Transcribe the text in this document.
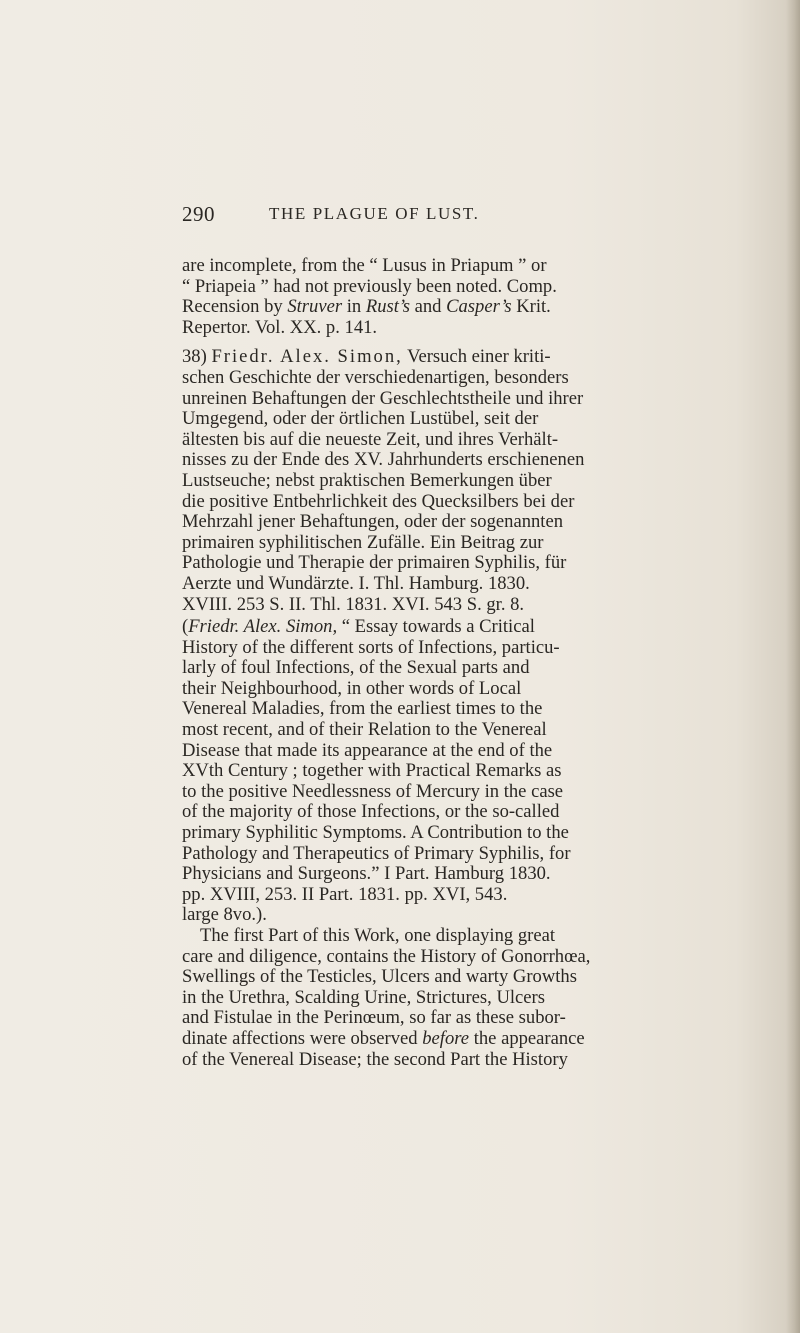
290	THE PLAGUE OF LUST.
are incomplete, from the “ Lusus in Priapum ” or
“ Priapeia ” had not previously been noted. Comp.
Recension by Struver in Rust’s and Casper’s Krit.
Repertor. Vol. XX. p. 141.
38) Friedr. Alex. Simon, Versuch einer kriti-
schen Geschichte der verschiedenartigen, besonders
unreinen Behaftungen der Geschlechtstheile und ihrer
Umgegend, oder der örtlichen Lustübel, seit der
ältesten bis auf die neueste Zeit, und ihres Verhält-
nisses zu der Ende des XV. Jahrhunderts erschienenen
Lustseuche; nebst praktischen Bemerkungen über
die positive Entbehrlichkeit des Quecksilbers bei der
Mehrzahl jener Behaftungen, oder der sogenannten
primairen syphilitischen Zufälle. Ein Beitrag zur
Pathologie und Therapie der primairen Syphilis, für
Aerzte und Wundärzte. I. Thl. Hamburg. 1830.
XVIII. 253 S. II. Thl. 1831. XVI. 543 S. gr. 8.
(Friedr. Alex. Simon, “ Essay towards a Critical
History of the different sorts of Infections, particu-
larly of foul Infections, of the Sexual parts and
their Neighbourhood, in other words of Local
Venereal Maladies, from the earliest times to the
most recent, and of their Relation to the Venereal
Disease that made its appearance at the end of the
XVth Century ; together with Practical Remarks as
to the positive Needlessness of Mercury in the case
of the majority of those Infections, or the so-called
primary Syphilitic Symptoms. A Contribution to the
Pathology and Therapeutics of Primary Syphilis, for
Physicians and Surgeons.” I Part. Hamburg 1830.
pp. XVIII, 253. II Part. 1831. pp. XVI, 543.
large 8vo.).
The first Part of this Work, one displaying great
care and diligence, contains the History of Gonorrhœa,
Swellings of the Testicles, Ulcers and warty Growths
in the Urethra, Scalding Urine, Strictures, Ulcers
and Fistulae in the Perinœum, so far as these subor-
dinate affections were observed before the appearance
of the Venereal Disease; the second Part the History
